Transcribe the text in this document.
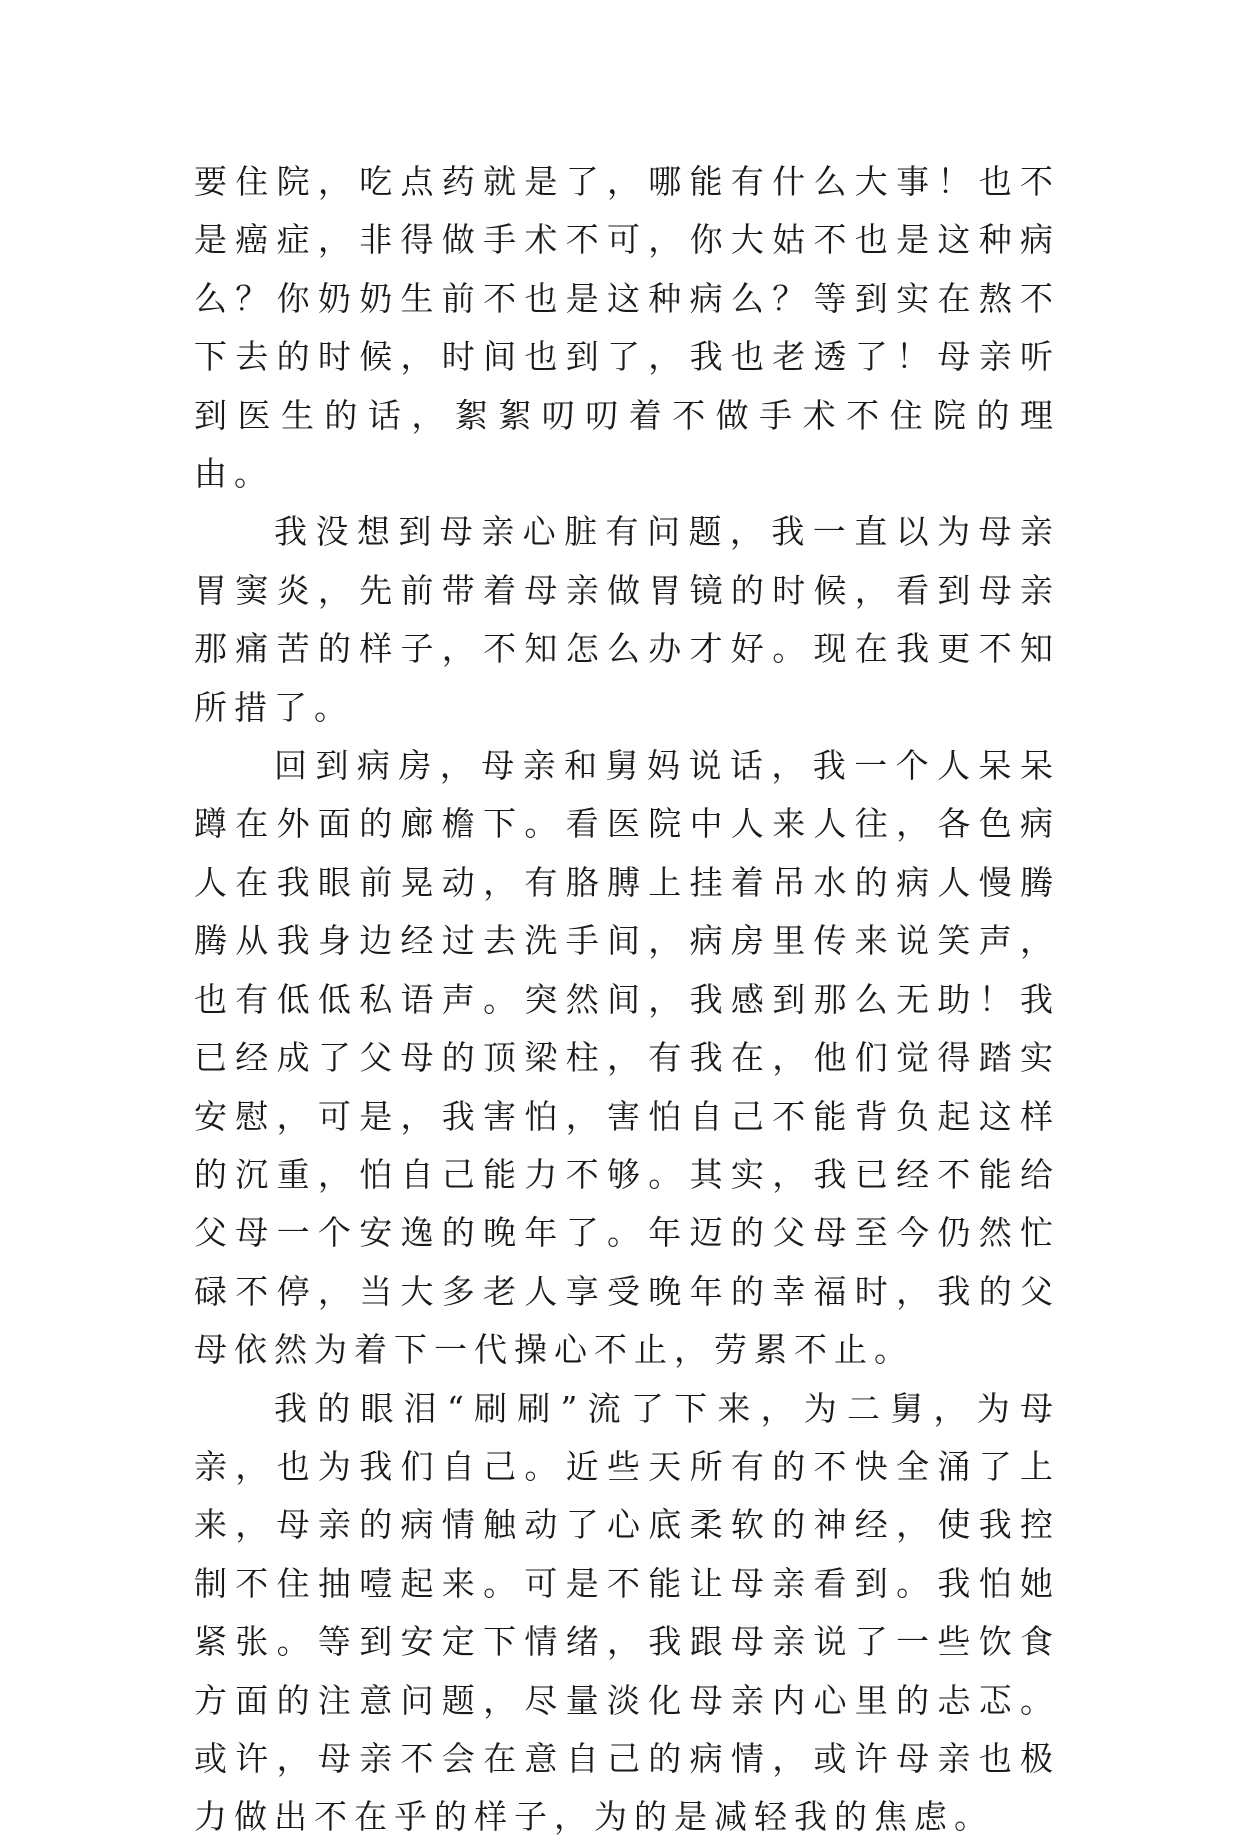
要住院，吃点药就是了，哪能有什么大事！也不是癌症，非得做手术不可，你大姑不也是这种病么？你奶奶生前不也是这种病么？等到实在熬不下去的时候，时间也到了，我也老透了！母亲听到医生的话，絮絮叨叨着不做手术不住院的理由。

我没想到母亲心脏有问题，我一直以为母亲胃窦炎，先前带着母亲做胃镜的时候，看到母亲那痛苦的样子，不知怎么办才好。现在我更不知所措了。

回到病房，母亲和舅妈说话，我一个人呆呆蹲在外面的廊檐下。看医院中人来人往，各色病人在我眼前晃动，有胳膊上挂着吊水的病人慢腾腾从我身边经过去洗手间，病房里传来说笑声，也有低低私语声。突然间，我感到那么无助！我已经成了父母的顶梁柱，有我在，他们觉得踏实安慰，可是，我害怕，害怕自己不能背负起这样的沉重，怕自己能力不够。其实，我已经不能给父母一个安逸的晚年了。年迈的父母至今仍然忙碌不停，当大多老人享受晚年的幸福时，我的父母依然为着下一代操心不止，劳累不止。

我的眼泪“刷刷”流了下来，为二舅，为母亲，也为我们自己。近些天所有的不快全涌了上来，母亲的病情触动了心底柔软的神经，使我控制不住抽噎起来。可是不能让母亲看到。我怕她紧张。等到安定下情绪，我跟母亲说了一些饮食方面的注意问题，尽量淡化母亲内心里的忐忑。或许，母亲不会在意自己的病情，或许母亲也极力做出不在乎的样子，为的是减轻我的焦虑。
